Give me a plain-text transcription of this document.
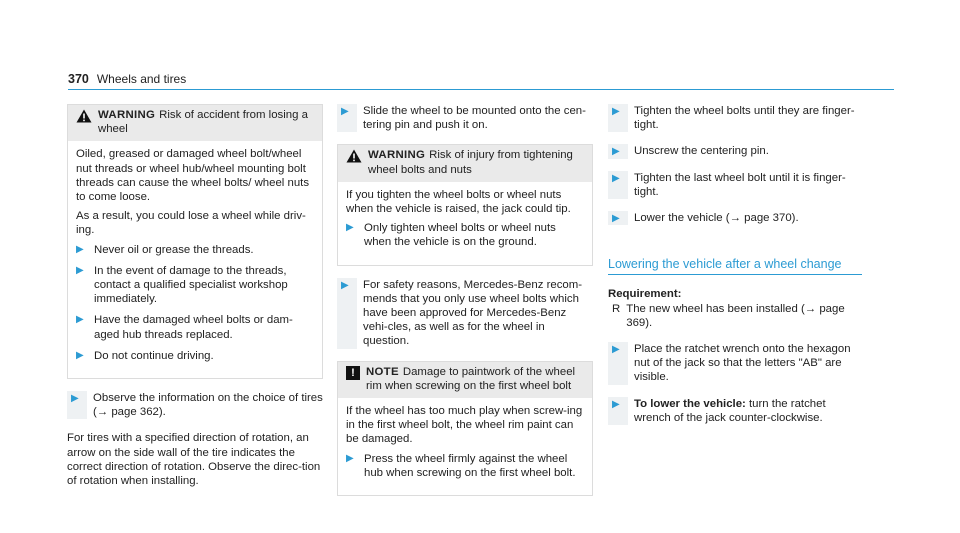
370 Wheels and tires
WARNING Risk of accident from losing a wheel

Oiled, greased or damaged wheel bolt/wheel nut threads or wheel hub/wheel mounting bolt threads can cause the wheel bolts/ wheel nuts to come loose.

As a result, you could lose a wheel while driv-ing.

▶ Never oil or grease the threads.
▶ In the event of damage to the threads, contact a qualified specialist workshop immediately.
▶ Have the damaged wheel bolts or dam-aged hub threads replaced.
▶ Do not continue driving.
▶	Observe the information on the choice of tires (→ page 362).

For tires with a specified direction of rotation, an arrow on the side wall of the tire indicates the correct direction of rotation. Observe the direc-tion of rotation when installing.

▶	Slide the wheel to be mounted onto the cen-tering pin and push it on.
WARNING Risk of injury from tightening wheel bolts and nuts

If you tighten the wheel bolts or wheel nuts when the vehicle is raised, the jack could tip.

▶ Only tighten wheel bolts or wheel nuts when the vehicle is on the ground.
▶	For safety reasons, Mercedes-Benz recom-mends that you only use wheel bolts which have been approved for Mercedes-Benz vehi-cles, as well as for the wheel in question.
! NOTE Damage to paintwork of the wheel rim when screwing on the first wheel bolt

If the wheel has too much play when screw-ing in the first wheel bolt, the wheel rim paint can be damaged.

▶ Press the wheel firmly against the wheel hub when screwing on the first wheel bolt.
▶	Tighten the wheel bolts until they are finger-tight.
▶	Unscrew the centering pin.
▶	Tighten the last wheel bolt until it is finger-tight.
▶	Lower the vehicle (→ page 370).
Lowering the vehicle after a wheel change
Requirement:
R The new wheel has been installed (→ page 369).
▶	Place the ratchet wrench onto the hexagon nut of the jack so that the letters "AB" are visible.
▶	To lower the vehicle: turn the ratchet wrench of the jack counter-clockwise.
